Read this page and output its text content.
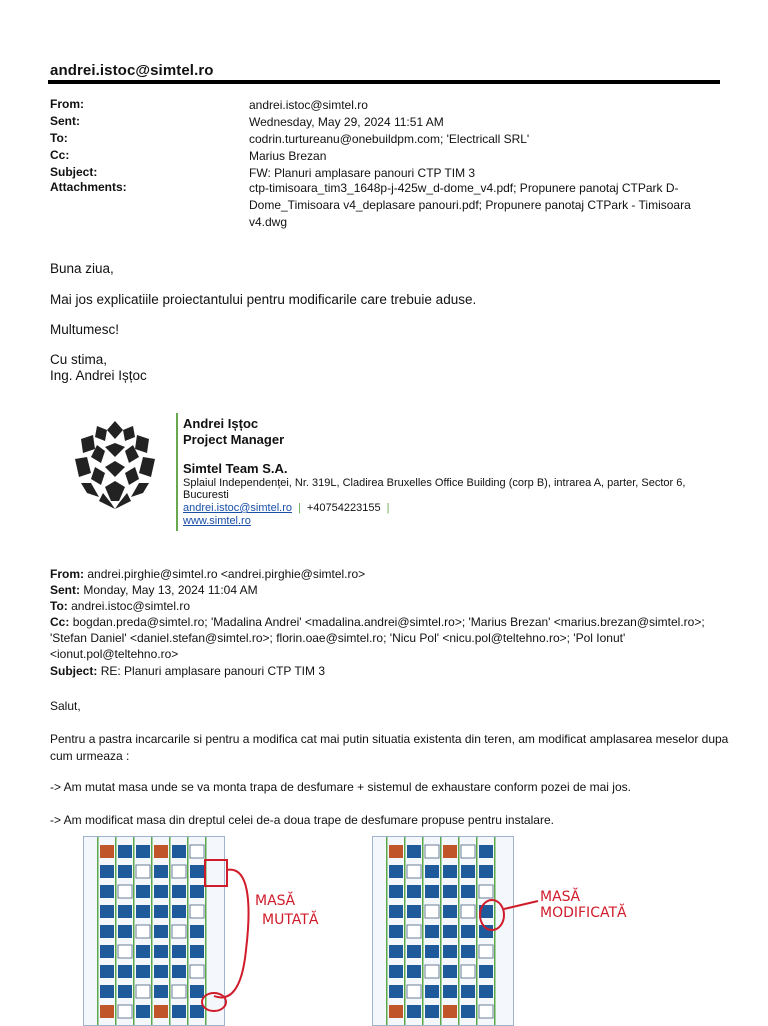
andrei.istoc@simtel.ro
From:	andrei.istoc@simtel.ro
Sent:	Wednesday, May 29, 2024 11:51 AM
To:	codrin.turtureanu@onebuildpm.com; 'Electricall SRL'
Cc:	Marius Brezan
Subject:	FW: Planuri amplasare panouri CTP TIM 3
Attachments:	ctp-timisoara_tim3_1648p-j-425w_d-dome_v4.pdf; Propunere panotaj CTPark D-Dome_Timisoara v4_deplasare panouri.pdf; Propunere panotaj CTPark - Timisoara v4.dwg
Buna ziua,
Mai jos explicatiile proiectantului pentru modificarile care trebuie aduse.
Multumesc!
Cu stima,
Ing. Andrei Ișțoc
Andrei Ișțoc
Project Manager
Simtel Team S.A.
Splaiul Independenței, Nr. 319L, Cladirea Bruxelles Office Building (corp B), intrarea A, parter, Sector 6, Bucuresti
andrei.istoc@simtel.ro | +40754223155 |
www.simtel.ro
From: andrei.pirghie@simtel.ro <andrei.pirghie@simtel.ro>
Sent: Monday, May 13, 2024 11:04 AM
To: andrei.istoc@simtel.ro
Cc: bogdan.preda@simtel.ro; 'Madalina Andrei' <madalina.andrei@simtel.ro>; 'Marius Brezan' <marius.brezan@simtel.ro>; 'Stefan Daniel' <daniel.stefan@simtel.ro>; florin.oae@simtel.ro; 'Nicu Pol' <nicu.pol@teltehno.ro>; 'Pol Ionut' <ionut.pol@teltehno.ro>
Subject: RE: Planuri amplasare panouri CTP TIM 3
Salut,
Pentru a pastra incarcarile si pentru a modifica cat mai putin situatia existenta din teren, am modificat amplasarea meselor dupa cum urmeaza :
-> Am mutat masa unde se va monta trapa de desfumare + sistemul de exhaustare conform pozei de mai jos.
-> Am modificat masa din dreptul celei de-a doua trape de desfumare propuse pentru instalare.
MASĂ
MUTATĂ
MASĂ
MODIFICATĂ
